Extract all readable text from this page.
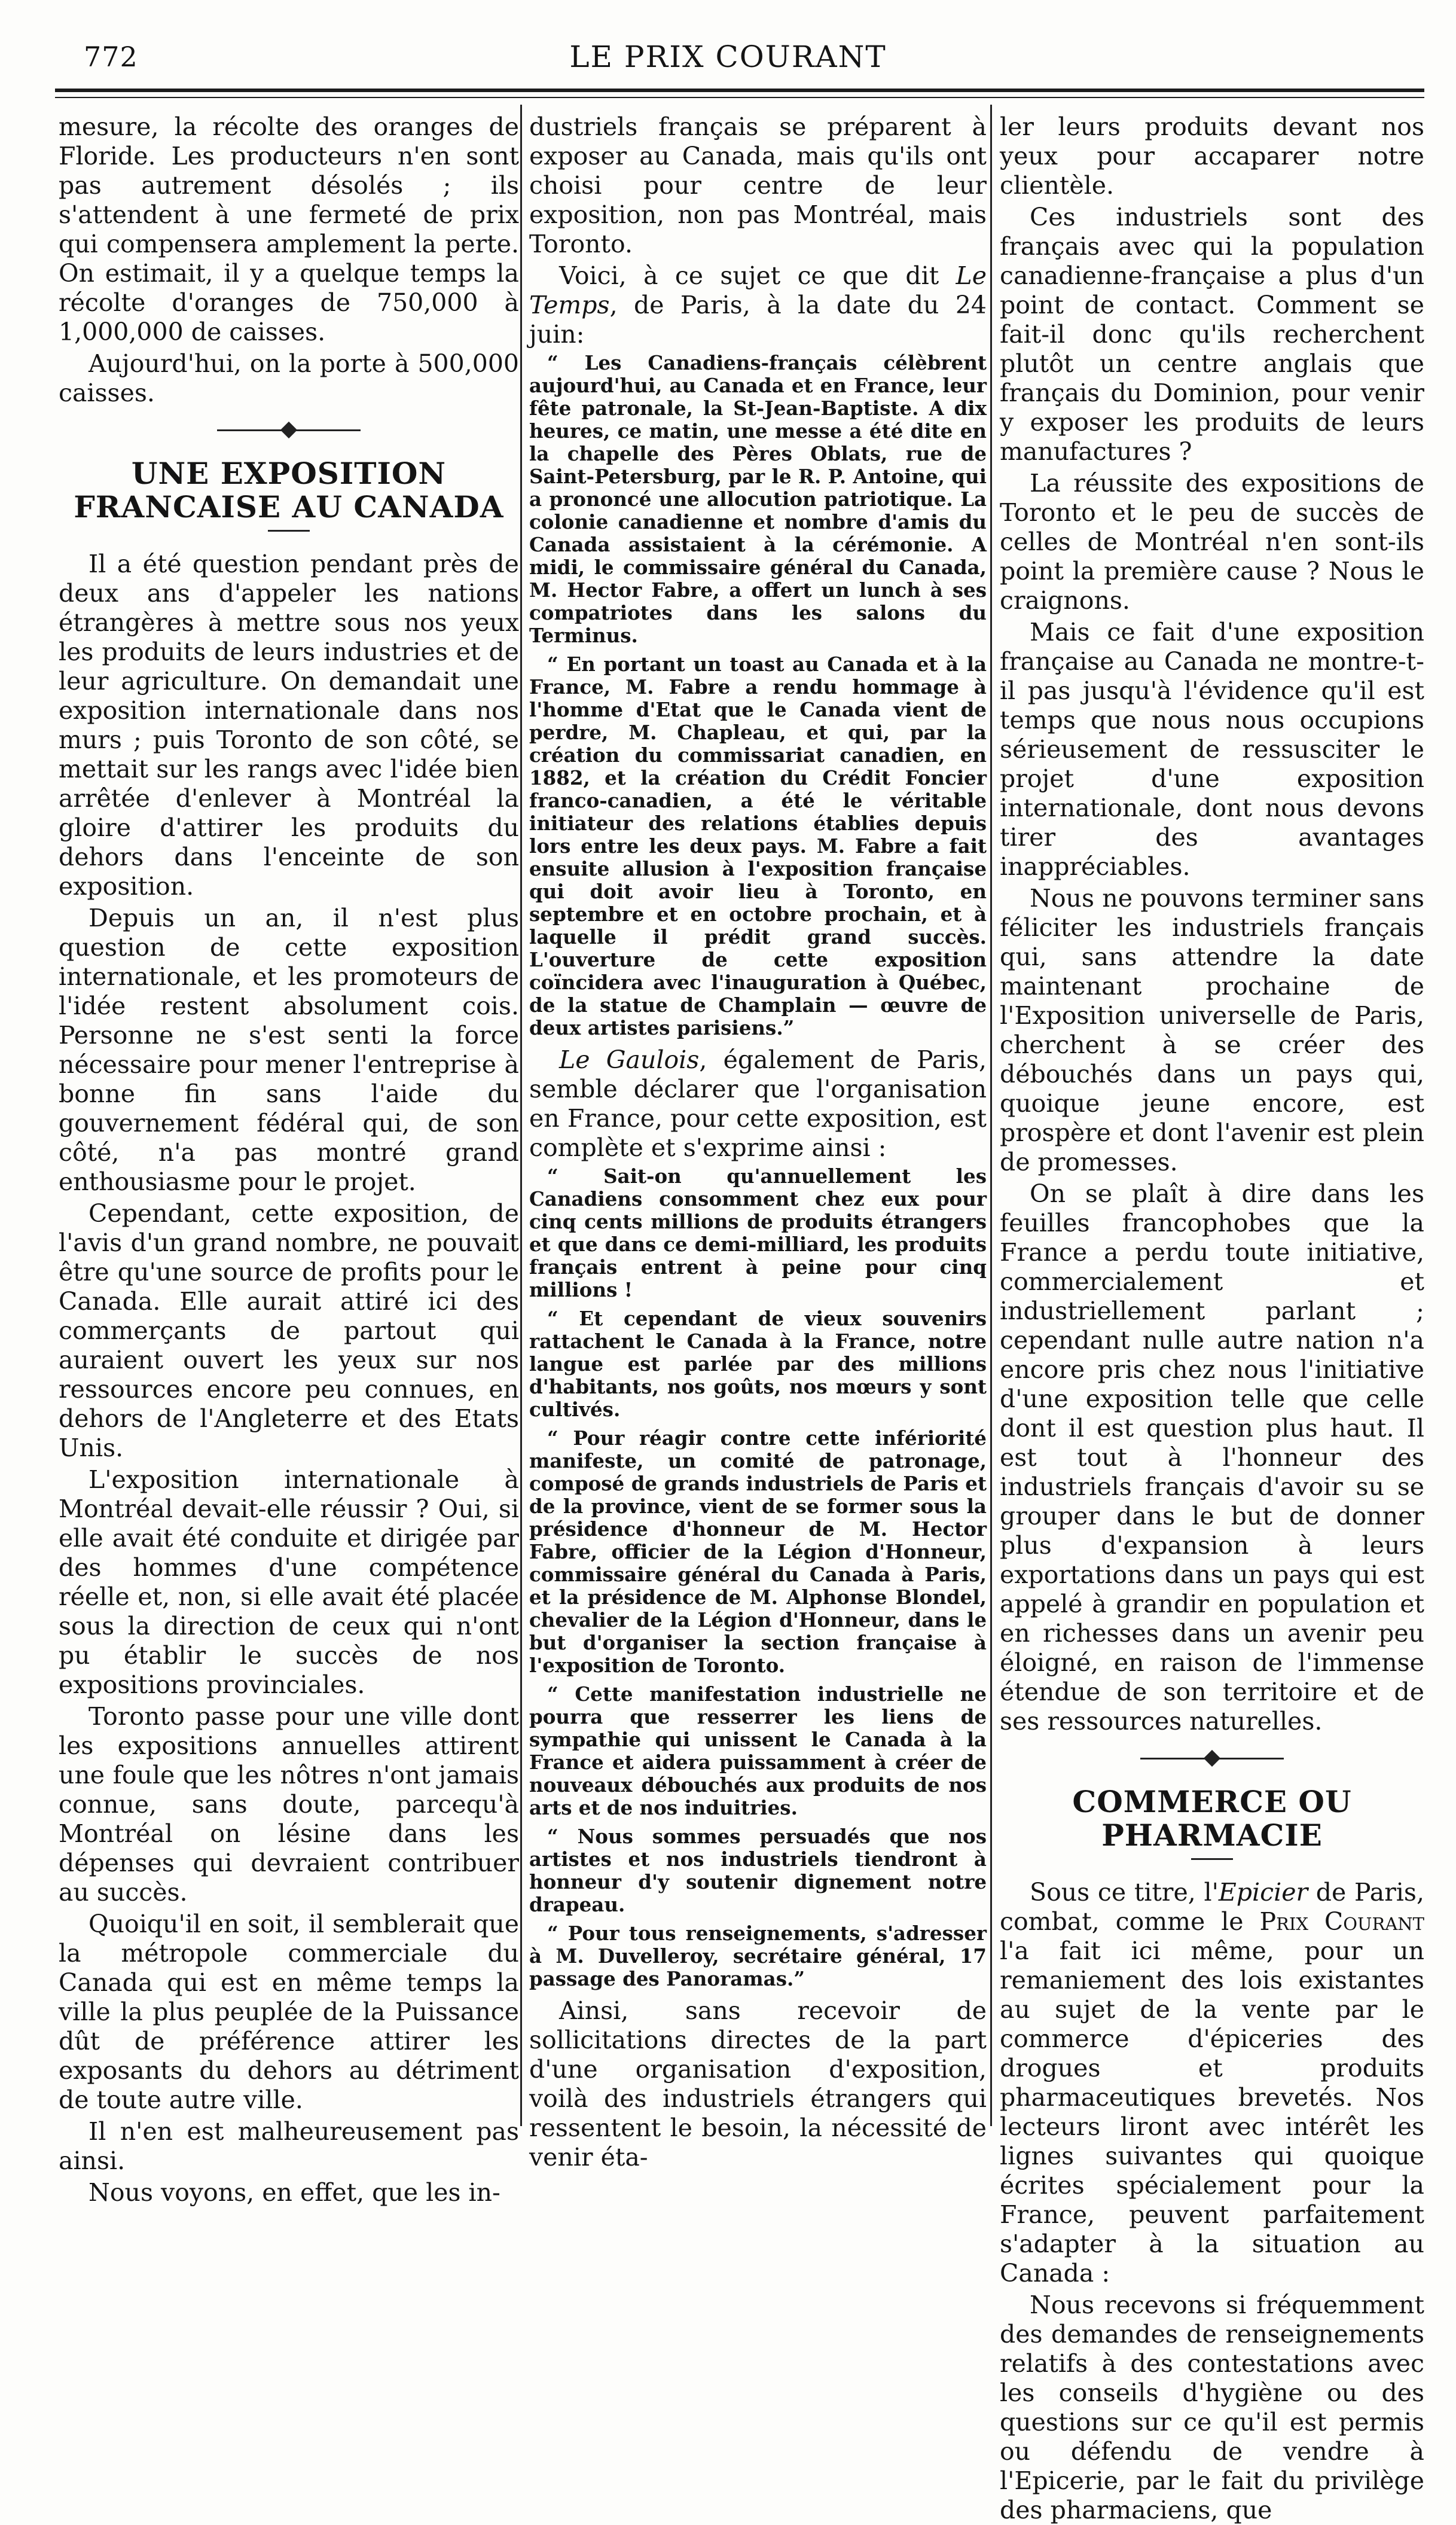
772	LE PRIX COURANT

mesure, la récolte des oranges de Floride. Les producteurs n'en sont pas autrement désolés ; ils s'attendent à une fermeté de prix qui compensera amplement la perte. On estimait, il y a quelque temps la récolte d'oranges de 750,000 à 1,000,000 de caisses.

Aujourd'hui, on la porte à 500,000 caisses.

UNE EXPOSITION FRANCAISE AU CANADA

Il a été question pendant près de deux ans d'appeler les nations étrangères à mettre sous nos yeux les produits de leurs industries et de leur agriculture. On demandait une exposition internationale dans nos murs ; puis Toronto de son côté, se mettait sur les rangs avec l'idée bien arrêtée d'enlever à Montréal la gloire d'attirer les produits du dehors dans l'enceinte de son exposition.

Depuis un an, il n'est plus question de cette exposition internationale, et les promoteurs de l'idée restent absolument cois. Personne ne s'est senti la force nécessaire pour mener l'entreprise à bonne fin sans l'aide du gouvernement fédéral qui, de son côté, n'a pas montré grand enthousiasme pour le projet.

Cependant, cette exposition, de l'avis d'un grand nombre, ne pouvait être qu'une source de profits pour le Canada. Elle aurait attiré ici des commerçants de partout qui auraient ouvert les yeux sur nos ressources encore peu connues, en dehors de l'Angleterre et des Etats Unis.

L'exposition internationale à Montréal devait-elle réussir ? Oui, si elle avait été conduite et dirigée par des hommes d'une compétence réelle et, non, si elle avait été placée sous la direction de ceux qui n'ont pu établir le succès de nos expositions provinciales.

Toronto passe pour une ville dont les expositions annuelles attirent une foule que les nôtres n'ont jamais connue, sans doute, parcequ'à Montréal on lésine dans les dépenses qui devraient contribuer au succès.

Quoiqu'il en soit, il semblerait que la métropole commerciale du Canada qui est en même temps la ville la plus peuplée de la Puissance dût de préférence attirer les exposants du dehors au détriment de toute autre ville.

Il n'en est malheureusement pas ainsi.

Nous voyons, en effet, que les in-

dustriels français se préparent à exposer au Canada, mais qu'ils ont choisi pour centre de leur exposition, non pas Montréal, mais Toronto.

Voici, à ce sujet ce que dit Le Temps, de Paris, à la date du 24 juin:

“ Les Canadiens-français célèbrent aujourd'hui, au Canada et en France, leur fête patronale, la St-Jean-Baptiste. A dix heures, ce matin, une messe a été dite en la chapelle des Pères Oblats, rue de Saint-Petersburg, par le R. P. Antoine, qui a prononcé une allocution patriotique. La colonie canadienne et nombre d'amis du Canada assistaient à la cérémonie. A midi, le commissaire général du Canada, M. Hector Fabre, a offert un lunch à ses compatriotes dans les salons du Terminus.

“ En portant un toast au Canada et à la France, M. Fabre a rendu hommage à l'homme d'Etat que le Canada vient de perdre, M. Chapleau, et qui, par la création du commissariat canadien, en 1882, et la création du Crédit Foncier franco-canadien, a été le véritable initiateur des relations établies depuis lors entre les deux pays. M. Fabre a fait ensuite allusion à l'exposition française qui doit avoir lieu à Toronto, en septembre et en octobre prochain, et à laquelle il prédit grand succès. L'ouverture de cette exposition coïncidera avec l'inauguration à Québec, de la statue de Champlain — œuvre de deux artistes parisiens.”

Le Gaulois, également de Paris, semble déclarer que l'organisation en France, pour cette exposition, est complète et s'exprime ainsi :

“ Sait-on qu'annuellement les Canadiens consomment chez eux pour cinq cents millions de produits étrangers et que dans ce demi-milliard, les produits français entrent à peine pour cinq millions !

“ Et cependant de vieux souvenirs rattachent le Canada à la France, notre langue est parlée par des millions d'habitants, nos goûts, nos mœurs y sont cultivés.

“ Pour réagir contre cette infériorité manifeste, un comité de patronage, composé de grands industriels de Paris et de la province, vient de se former sous la présidence d'honneur de M. Hector Fabre, officier de la Légion d'Honneur, commissaire général du Canada à Paris, et la présidence de M. Alphonse Blondel, chevalier de la Légion d'Honneur, dans le but d'organiser la section française à l'exposition de Toronto.

“ Cette manifestation industrielle ne pourra que resserrer les liens de sympathie qui unissent le Canada à la France et aidera puissamment à créer de nouveaux débouchés aux produits de nos arts et de nos induitries.

“ Nous sommes persuadés que nos artistes et nos industriels tiendront à honneur d'y soutenir dignement notre drapeau.

“ Pour tous renseignements, s'adresser à M. Duvelleroy, secrétaire général, 17 passage des Panoramas.”

Ainsi, sans recevoir de sollicitations directes de la part d'une organisation d'exposition, voilà des industriels étrangers qui ressentent le besoin, la nécessité de venir éta-

ler leurs produits devant nos yeux pour accaparer notre clientèle.

Ces industriels sont des français avec qui la population canadienne-française a plus d'un point de contact. Comment se fait-il donc qu'ils recherchent plutôt un centre anglais que français du Dominion, pour venir y exposer les produits de leurs manufactures ?

La réussite des expositions de Toronto et le peu de succès de celles de Montréal n'en sont-ils point la première cause ? Nous le craignons.

Mais ce fait d'une exposition française au Canada ne montre-t-il pas jusqu'à l'évidence qu'il est temps que nous nous occupions sérieusement de ressusciter le projet d'une exposition internationale, dont nous devons tirer des avantages inappréciables.

Nous ne pouvons terminer sans féliciter les industriels français qui, sans attendre la date maintenant prochaine de l'Exposition universelle de Paris, cherchent à se créer des débouchés dans un pays qui, quoique jeune encore, est prospère et dont l'avenir est plein de promesses.

On se plaît à dire dans les feuilles francophobes que la France a perdu toute initiative, commercialement et industriellement parlant ; cependant nulle autre nation n'a encore pris chez nous l'initiative d'une exposition telle que celle dont il est question plus haut. Il est tout à l'honneur des industriels français d'avoir su se grouper dans le but de donner plus d'expansion à leurs exportations dans un pays qui est appelé à grandir en population et en richesses dans un avenir peu éloigné, en raison de l'immense étendue de son territoire et de ses ressources naturelles.

COMMERCE OU PHARMACIE

Sous ce titre, l'Epicier de Paris, combat, comme le Prix Courant l'a fait ici même, pour un remaniement des lois existantes au sujet de la vente par le commerce d'épiceries des drogues et produits pharmaceutiques brevetés. Nos lecteurs liront avec intérêt les lignes suivantes qui quoique écrites spécialement pour la France, peuvent parfaitement s'adapter à la situation au Canada :

Nous recevons si fréquemment des demandes de renseignements relatifs à des contestations avec les conseils d'hygiène ou des questions sur ce qu'il est permis ou défendu de vendre à l'Epicerie, par le fait du privilège des pharmaciens, que
